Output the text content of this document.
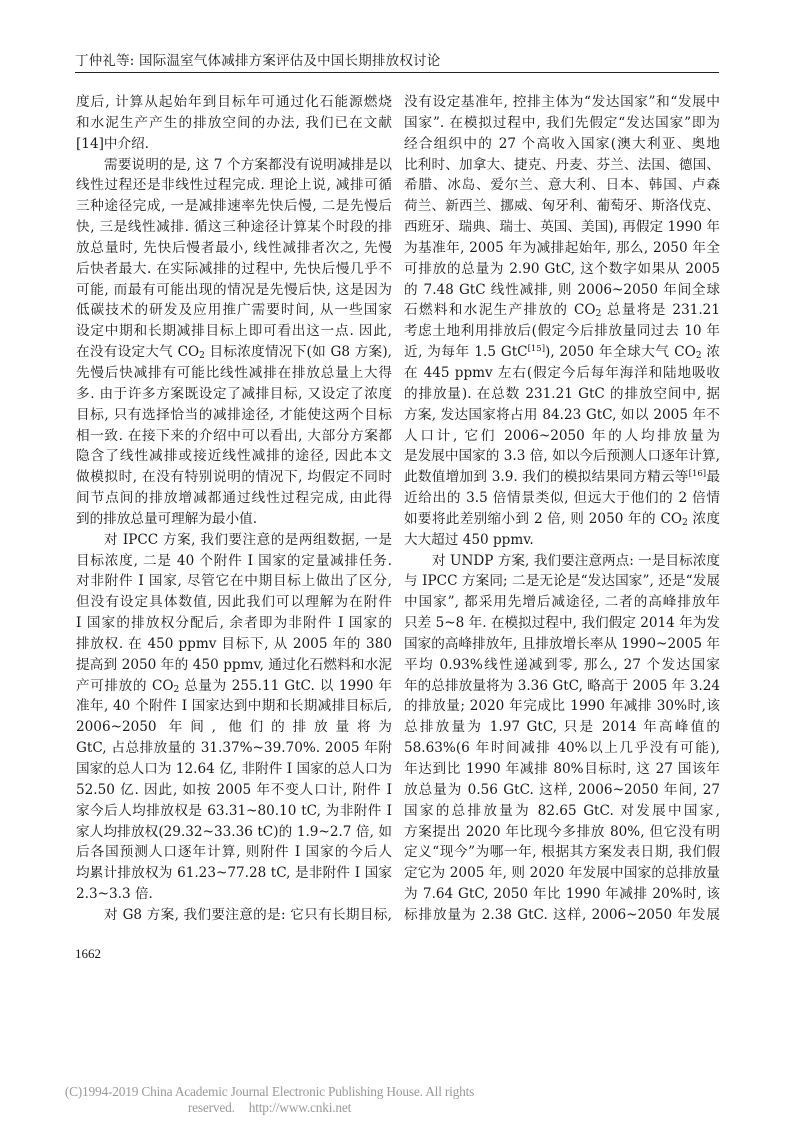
丁仲礼等: 国际温室气体减排方案评估及中国长期排放权讨论
度后, 计算从起始年到目标年可通过化石能源燃烧
和水泥生产产生的排放空间的办法, 我们已在文献
[14]中介绍.
需要说明的是, 这 7 个方案都没有说明减排是以
线性过程还是非线性过程完成. 理论上说, 减排可循
三种途径完成, 一是减排速率先快后慢, 二是先慢后
快, 三是线性减排. 循这三种途径计算某个时段的排
放总量时, 先快后慢者最小, 线性减排者次之, 先慢
后快者最大. 在实际减排的过程中, 先快后慢几乎不
可能, 而最有可能出现的情况是先慢后快, 这是因为
低碳技术的研发及应用推广需要时间, 从一些国家
设定中期和长期减排目标上即可看出这一点. 因此,
在没有设定大气 $CO_2$ 目标浓度情况下(如 G8 方案),
先慢后快减排有可能比线性减排在排放总量上大得
多. 由于许多方案既设定了减排目标, 又设定了浓度
目标, 只有选择恰当的减排途径, 才能使这两个目标
相一致. 在接下来的介绍中可以看出, 大部分方案都
隐含了线性减排或接近线性减排的途径, 因此本文
做模拟时, 在没有特别说明的情况下, 均假定不同时
间节点间的排放增减都通过线性过程完成, 由此得
到的排放总量可理解为最小值.
对 IPCC 方案, 我们要注意的是两组数据, 一是
目标浓度, 二是 40 个附件 I 国家的定量减排任务.
对非附件 I 国家, 尽管它在中期目标上做出了区分,
但没有设定具体数值, 因此我们可以理解为在附件
I 国家的排放权分配后, 余者即为非附件 I 国家的
排放权. 在 450 ppmv 目标下, 从 2005 年的 380
提高到 2050 年的 450 ppmv, 通过化石燃料和水泥
产可排放的 $CO_2$ 总量为 255.11 GtC. 以 1990 年
准年, 40 个附件 I 国家达到中期和长期减排目标后,
2006~2050 年间, 他们的排放量将为
GtC, 占总排放量的 31.37%~39.70%. 2005 年附
国家的总人口为 12.64 亿, 非附件 I 国家的总人口为
52.50 亿. 因此, 如按 2005 年不变人口计, 附件 I
家今后人均排放权是 63.31~80.10 tC, 为非附件 I
家人均排放权(29.32~33.36 tC)的 1.9~2.7 倍, 如
后各国预测人口逐年计算, 则附件 I 国家的今后人
均累计排放权为 61.23~77.28 tC, 是非附件 I 国家
2.3~3.3 倍.
对 G8 方案, 我们要注意的是: 它只有长期目标,
没有设定基准年, 控排主体为“发达国家”和“发展中
国家”. 在模拟过程中, 我们先假定“发达国家”即为
经合组织中的 27 个高收入国家(澳大利亚、奥地
比利时、加拿大、捷克、丹麦、芬兰、法国、德国、
希腊、冰岛、爱尔兰、意大利、日本、韩国、卢森
荷兰、新西兰、挪威、匈牙利、葡萄牙、斯洛伐克、
西班牙、瑞典、瑞士、英国、美国), 再假定 1990 年
为基准年, 2005 年为减排起始年, 那么, 2050 年全
可排放的总量为 2.90 GtC, 这个数字如果从 2005
的 7.48 GtC 线性减排, 则 2006~2050 年间全球
石燃料和水泥生产排放的 $CO_2$ 总量将是 231.21
考虑土地利用排放后(假定今后排放量同过去 10 年
近, 为每年 1.5 GtC[15]), 2050 年全球大气 $CO_2$ 浓
在 445 ppmv 左右(假定今后每年海洋和陆地吸收
的排放量). 在总数 231.21 GtC 的排放空间中, 据
方案, 发达国家将占用 84.23 GtC, 如以 2005 年不
人口计, 它们 2006~2050 年的人均排放量为
是发展中国家的 3.3 倍, 如以今后预测人口逐年计算,
此数值增加到 3.9. 我们的模拟结果同方精云等[16]最
近给出的 3.5 倍情景类似, 但远大于他们的 2 倍情
如要将此差别缩小到 2 倍, 则 2050 年的 $CO_2$ 浓度
大大超过 450 ppmv.
对 UNDP 方案, 我们要注意两点: 一是目标浓度
与 IPCC 方案同; 二是无论是“发达国家”, 还是“发展
中国家”, 都采用先增后减途径, 二者的高峰排放年
只差 5~8 年. 在模拟过程中, 我们假定 2014 年为发
国家的高峰排放年, 且排放增长率从 1990~2005 年
平均 0.93%线性递减到零, 那么, 27 个发达国家
年的总排放量将为 3.36 GtC, 略高于 2005 年 3.24
的排放量; 2020 年完成比 1990 年减排 30%时,该
总排放量为 1.97 GtC, 只是 2014 年高峰值的
58.63%(6 年时间减排 40%以上几乎没有可能),
年达到比 1990 年减排 80%目标时, 这 27 国该年
放总量为 0.56 GtC. 这样, 2006~2050 年间, 27
国家的总排放量为 82.65 GtC. 对发展中国家,
方案提出 2020 年比现今多排放 80%, 但它没有明
定义“现今”为哪一年, 根据其方案发表日期, 我们假
定它为 2005 年, 则 2020 年发展中国家的总排放量
为 7.64 GtC, 2050 年比 1990 年减排 20%时, 该
标排放量为 2.38 GtC. 这样, 2006~2050 年发展
1662
(C)1994-2019 China Academic Journal Electronic Publishing House. All rights reserved. http://www.cnki.net
